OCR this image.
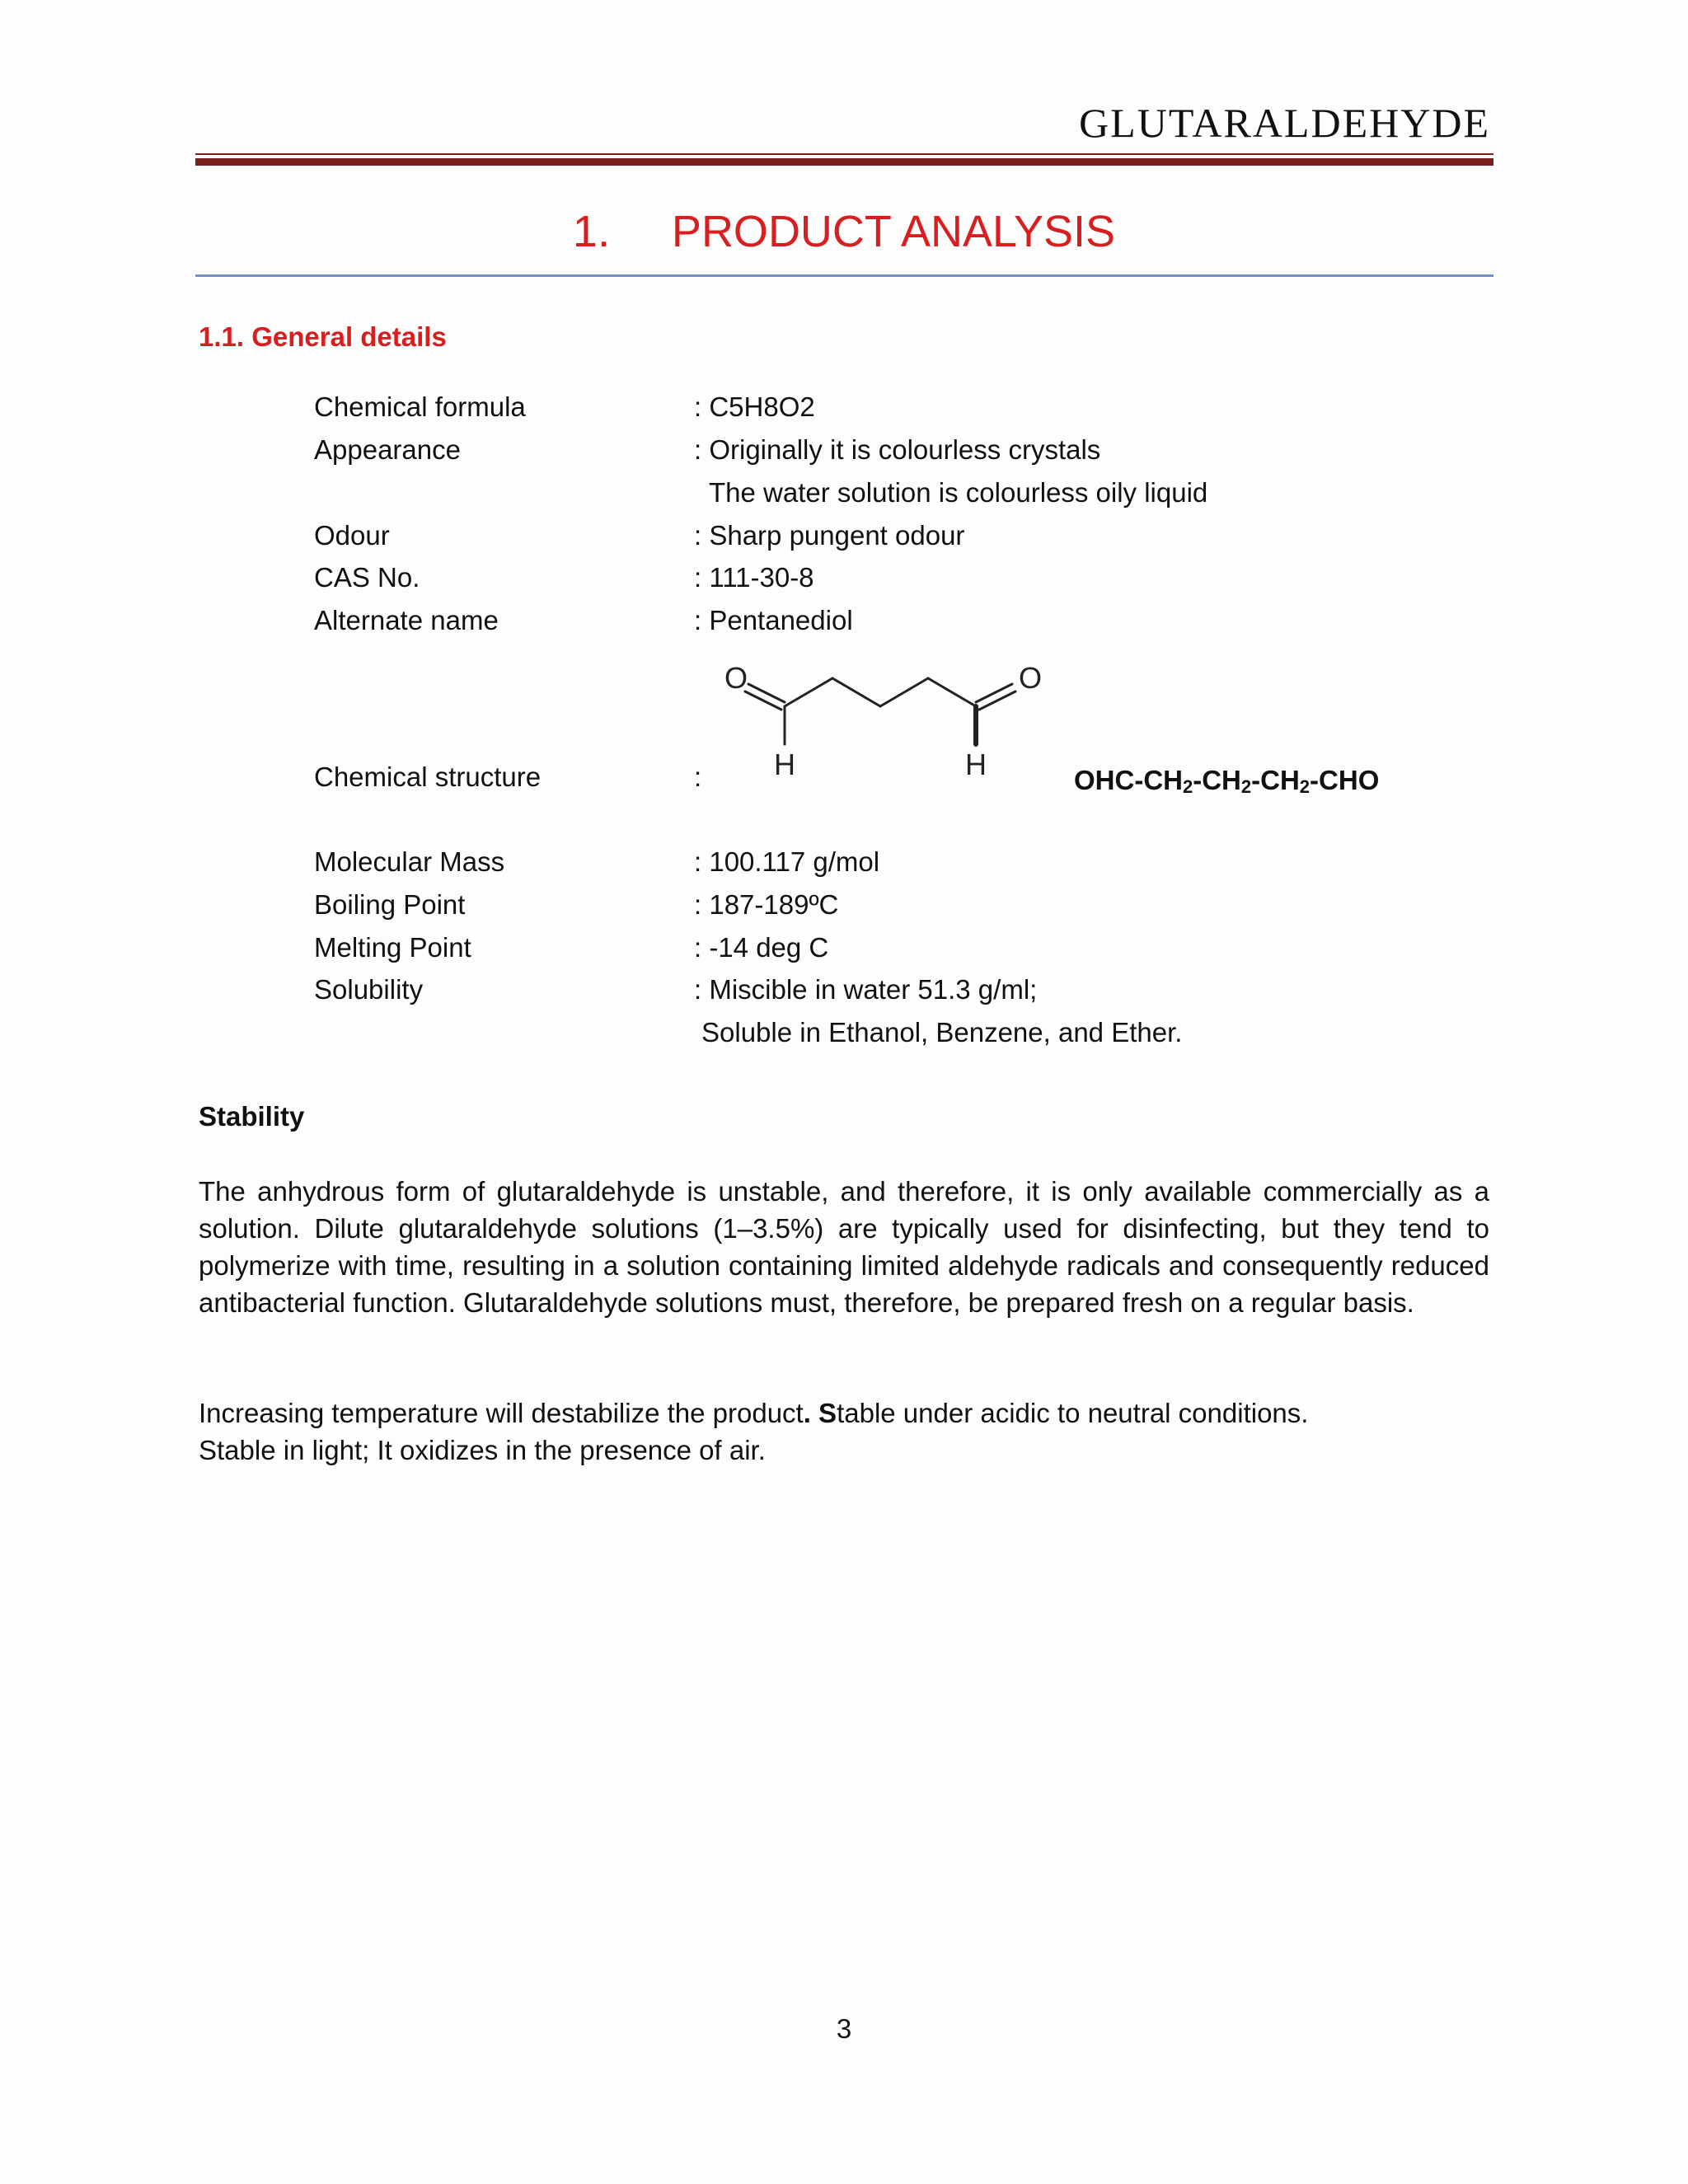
GLUTARALDEHYDE
1. PRODUCT ANALYSIS
1.1. General details
Chemical formula	: C5H8O2
Appearance	: Originally it is colourless crystals
The water solution is colourless oily liquid
Odour	: Sharp pungent odour
CAS No.	: 111-30-8
Alternate name	: Pentanediol
Chemical structure	:
O	O
H	H	OHC-$CH_2-CH_2-CH_2$-CHO
Molecular Mass	: 100.117 g/mol
Boiling Point	: 187-189ºC
Melting Point	: -14 deg C
Solubility	: Miscible in water 51.3 g/ml;
Soluble in Ethanol, Benzene, and Ether.
Stability
The anhydrous form of glutaraldehyde is unstable, and therefore, it is only available commercially as a solution. Dilute glutaraldehyde solutions (1–3.5%) are typically used for disinfecting, but they tend to polymerize with time, resulting in a solution containing limited aldehyde radicals and consequently reduced antibacterial function. Glutaraldehyde solutions must, therefore, be prepared fresh on a regular basis.
Increasing temperature will destabilize the product. Stable under acidic to neutral conditions.
Stable in light; It oxidizes in the presence of air.
3
